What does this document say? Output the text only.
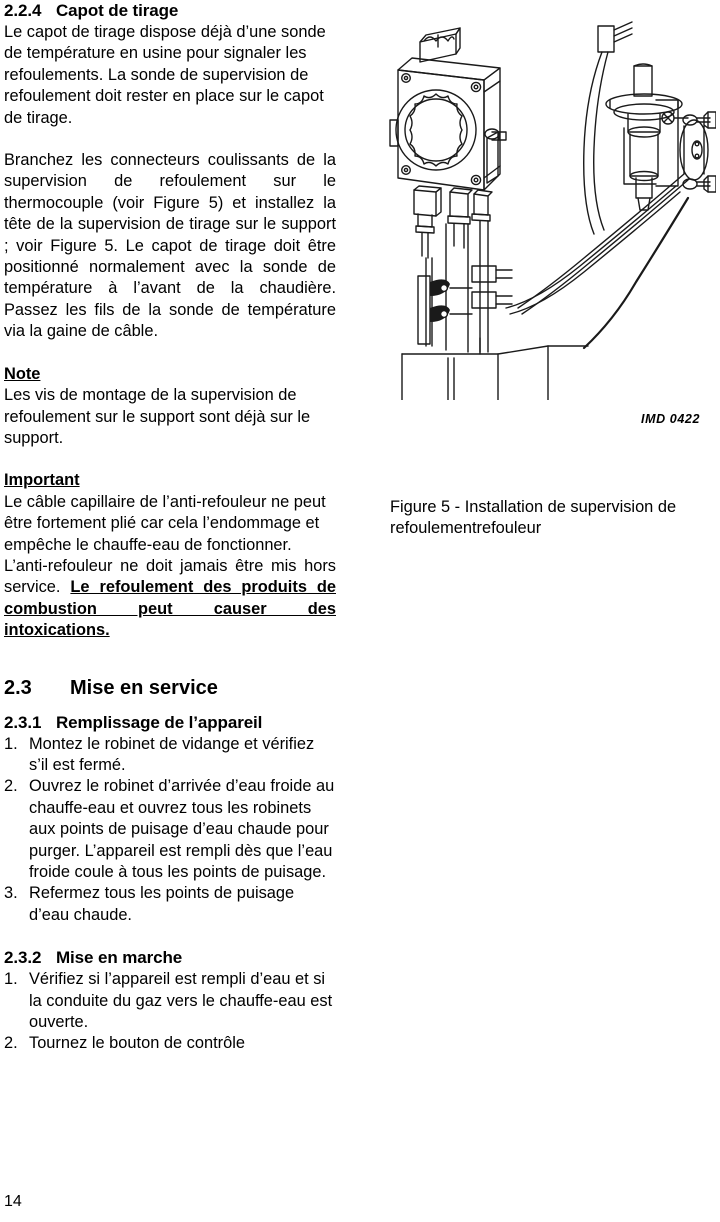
2.2.4 Capot de tirage

Le capot de tirage dispose déjà d’une sonde de température en usine pour signaler les refoulements. La sonde de supervision de refoulement doit rester en place sur le capot de tirage.

Branchez les connecteurs coulissants de la supervision de refoulement sur le thermocouple (voir Figure 5) et installez la tête de la supervision de tirage sur le support ; voir Figure 5. Le capot de tirage doit être positionné normalement avec la sonde de température à l’avant de la chaudière. Passez les fils de la sonde de température via la gaine de câble.

Note

Les vis de montage de la supervision de refoulement sur le support sont déjà sur le support.

Important

Le câble capillaire de l’anti-refouleur ne peut être fortement plié car cela l’endommage et empêche le chauffe-eau de fonctionner.

L’anti-refouleur ne doit jamais être mis hors service. Le refoulement des produits de combustion peut causer des intoxications.

2.3 Mise en service
2.3.1 Remplissage de l’appareil
1. Montez le robinet de vidange et vérifiez s’il est fermé.
2. Ouvrez le robinet d’arrivée d’eau froide au chauffe-eau et ouvrez tous les robinets aux points de puisage d’eau chaude pour purger. L’appareil est rempli dès que l’eau froide coule à tous les points de puisage.
3. Refermez tous les points de puisage d’eau chaude.
2.3.2 Mise en marche
1. Vérifiez si l’appareil est rempli d’eau et si la conduite du gaz vers le chauffe-eau est ouverte.
2. Tournez le bouton de contrôle
IMD 0422
Figure 5 - Installation de supervision de refoulementrefouleur
14
